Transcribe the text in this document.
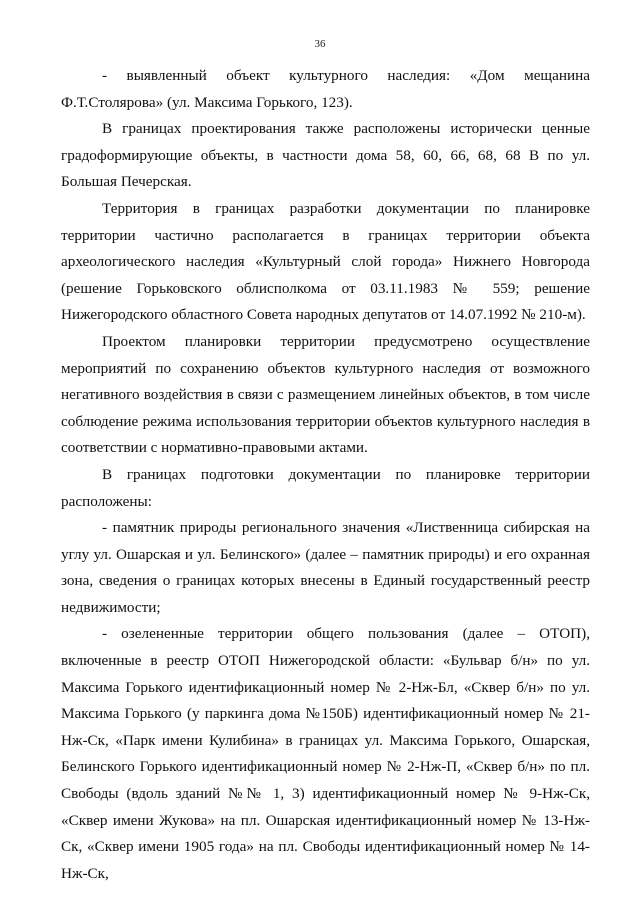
36

- выявленный объект культурного наследия: «Дом мещанина Ф.Т.Столярова» (ул. Максима Горького, 123).

В границах проектирования также расположены исторически ценные градоформирующие объекты, в частности дома 58, 60, 66, 68, 68 В по ул. Большая Печерская.

Территория в границах разработки документации по планировке территории частично располагается в границах территории объекта археологического наследия «Культурный слой города» Нижнего Новгорода (решение Горьковского облисполкома от 03.11.1983 № 559; решение Нижегородского областного Совета народных депутатов от 14.07.1992 № 210-м).

Проектом планировки территории предусмотрено осуществление мероприятий по сохранению объектов культурного наследия от возможного негативного воздействия в связи с размещением линейных объектов, в том числе соблюдение режима использования территории объектов культурного наследия в соответствии с нормативно-правовыми актами.

В границах подготовки документации по планировке территории расположены:

- памятник природы регионального значения «Лиственница сибирская на углу ул. Ошарская и ул. Белинского» (далее – памятник природы) и его охранная зона, сведения о границах которых внесены в Единый государственный реестр недвижимости;

- озелененные территории общего пользования (далее – ОТОП), включенные в реестр ОТОП Нижегородской области: «Бульвар б/н» по ул. Максима Горького идентификационный номер № 2-Нж-Бл, «Сквер б/н» по ул. Максима Горького (у паркинга дома №150Б) идентификационный номер № 21-Нж-Ск, «Парк имени Кулибина» в границах ул. Максима Горького, Ошарская, Белинского Горького идентификационный номер № 2-Нж-П, «Сквер б/н» по пл. Свободы (вдоль зданий №№ 1, 3) идентификационный номер № 9-Нж-Ск, «Сквер имени Жукова» на пл. Ошарская идентификационный номер № 13-Нж-Ск, «Сквер имени 1905 года» на пл. Свободы идентификационный номер № 14-Нж-Ск,
